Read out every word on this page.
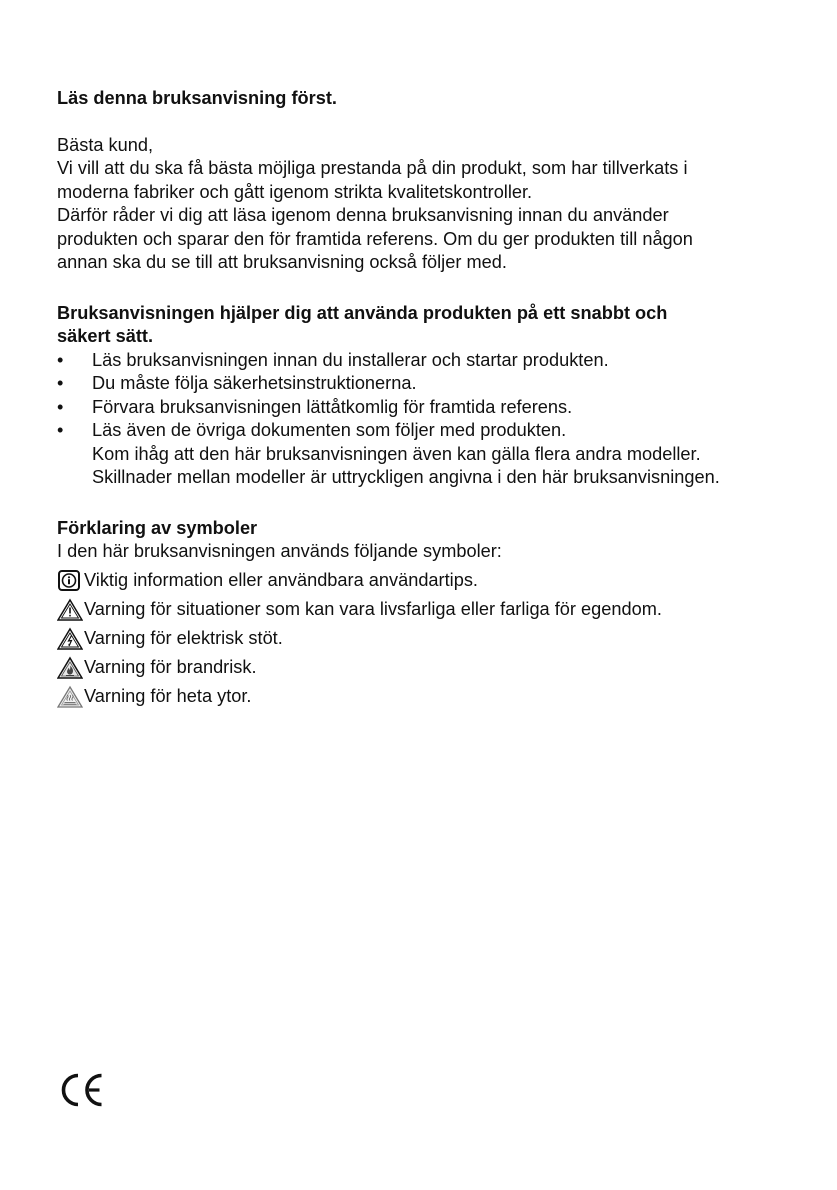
Läs denna bruksanvisning först.

Bästa kund,

Vi vill att du ska få bästa möjliga prestanda på din produkt, som har tillverkats i

moderna fabriker och gått igenom strikta kvalitetskontroller.

Därför råder vi dig att läsa igenom denna bruksanvisning innan du använder

produkten och sparar den för framtida referens. Om du ger produkten till någon

annan ska du se till att bruksanvisning också följer med.

Bruksanvisningen hjälper dig att använda produkten på ett snabbt och

säkert sätt.

• Läs bruksanvisningen innan du installerar och startar produkten.
• Du måste följa säkerhetsinstruktionerna.
• Förvara bruksanvisningen lättåtkomlig för framtida referens.
• Läs även de övriga dokumenten som följer med produkten.

Kom ihåg att den här bruksanvisningen även kan gälla flera andra modeller.

Skillnader mellan modeller är uttryckligen angivna i den här bruksanvisningen.

Förklaring av symboler

I den här bruksanvisningen används följande symboler:

Viktig information eller användbara användartips.
Varning för situationer som kan vara livsfarliga eller farliga för egendom.
Varning för elektrisk stöt.
Varning för brandrisk.
Varning för heta ytor.
